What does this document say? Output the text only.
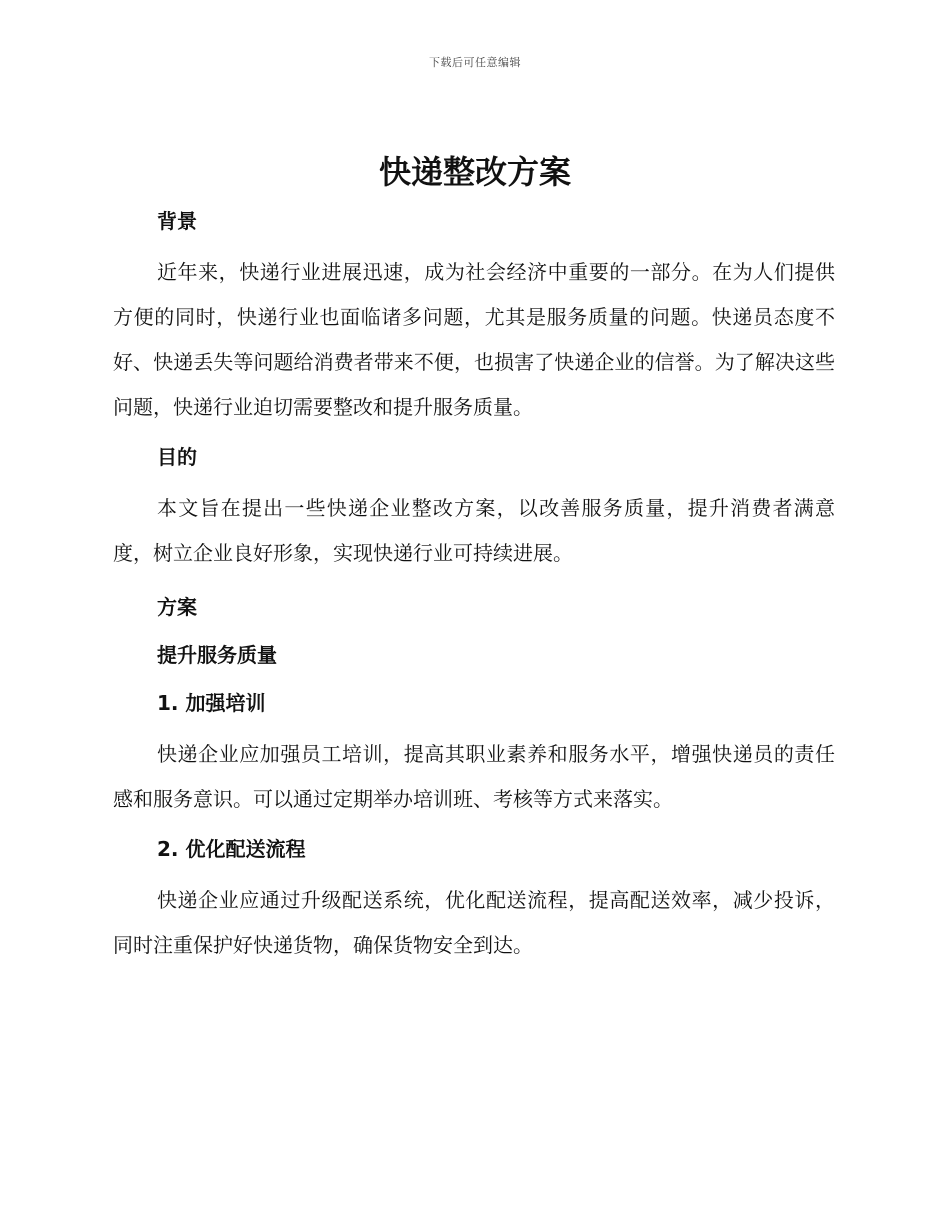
下载后可任意编辑
快递整改方案
背景

近年来，快递行业进展迅速，成为社会经济中重要的一部分。在为人们提供方便的同时，快递行业也面临诸多问题，尤其是服务质量的问题。快递员态度不好、快递丢失等问题给消费者带来不便，也损害了快递企业的信誉。为了解决这些问题，快递行业迫切需要整改和提升服务质量。

目的

本文旨在提出一些快递企业整改方案，以改善服务质量，提升消费者满意度，树立企业良好形象，实现快递行业可持续进展。

方案
提升服务质量
1. 加强培训

快递企业应加强员工培训，提高其职业素养和服务水平，增强快递员的责任感和服务意识。可以通过定期举办培训班、考核等方式来落实。

2. 优化配送流程

快递企业应通过升级配送系统，优化配送流程，提高配送效率，减少投诉，同时注重保护好快递货物，确保货物安全到达。
